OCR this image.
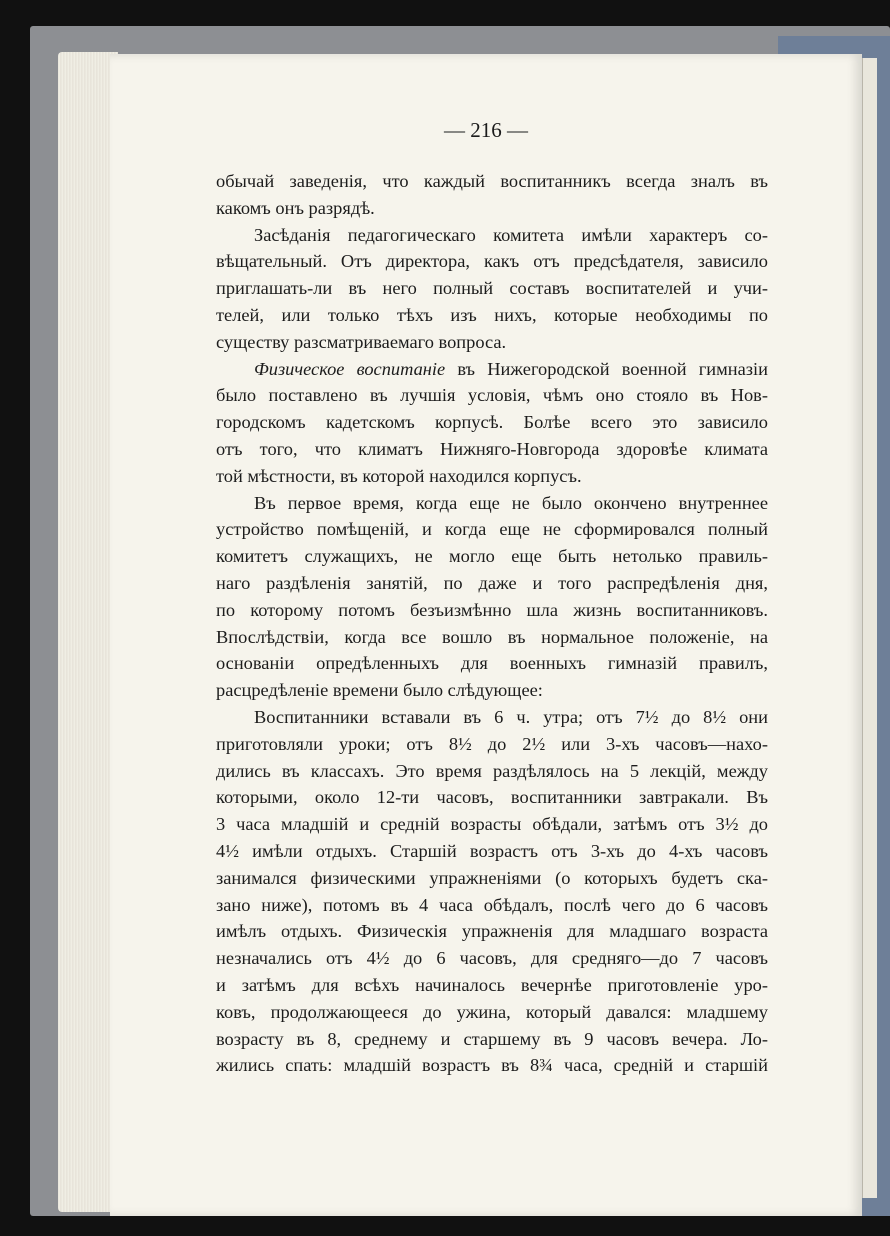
— 216 —
обычай заведенія, что каждый воспитанникъ всегда зналъ въ
какомъ онъ разрядѣ.
Засѣданія педагогическаго комитета имѣли характеръ со-
вѣщательный. Отъ директора, какъ отъ предсѣдателя, зависило
приглашать-ли въ него полный составъ воспитателей и учи-
телей, или только тѣхъ изъ нихъ, которые необходимы по
существу разсматриваемаго вопроса.
Физическое воспитаніе въ Нижегородской военной гимназіи
было поставлено въ лучшія условія, чѣмъ оно стояло въ Нов-
городскомъ кадетскомъ корпусѣ. Болѣе всего это зависило
отъ того, что климатъ Нижняго-Новгорода здоровѣе климата
той мѣстности, въ которой находился корпусъ.
Въ первое время, когда еще не было окончено внутреннее
устройство помѣщеній, и когда еще не сформировался полный
комитетъ служащихъ, не могло еще быть нетолько правиль-
наго раздѣленія занятій, по даже и того распредѣленія дня,
по которому потомъ безъизмѣнно шла жизнь воспитанниковъ.
Впослѣдствіи, когда все вошло въ нормальное положеніе, на
основаніи опредѣленныхъ для военныхъ гимназій правилъ,
расцредѣленіе времени было слѣдующее:
Воспитанники вставали въ 6 ч. утра; отъ 7½ до 8½ они
приготовляли уроки; отъ 8½ до 2½ или 3-хъ часовъ—нахо-
дились въ классахъ. Это время раздѣлялось на 5 лекцій, между
которыми, около 12-ти часовъ, воспитанники завтракали. Въ
3 часа младшій и средній возрасты обѣдали, затѣмъ отъ 3½ до
4½ имѣли отдыхъ. Старшій возрастъ отъ 3-хъ до 4-хъ часовъ
занимался физическими упражненіями (о которыхъ будетъ ска-
зано ниже), потомъ въ 4 часа обѣдалъ, послѣ чего до 6 часовъ
имѣлъ отдыхъ. Физическія упражненія для младшаго возраста
незначались отъ 4½ до 6 часовъ, для средняго—до 7 часовъ
и затѣмъ для всѣхъ начиналось вечернѣе приготовленіе уро-
ковъ, продолжающееся до ужина, который давался: младшему
возрасту въ 8, среднему и старшему въ 9 часовъ вечера. Ло-
жились спать: младшій возрастъ въ 8¾ часа, средній и старшій
